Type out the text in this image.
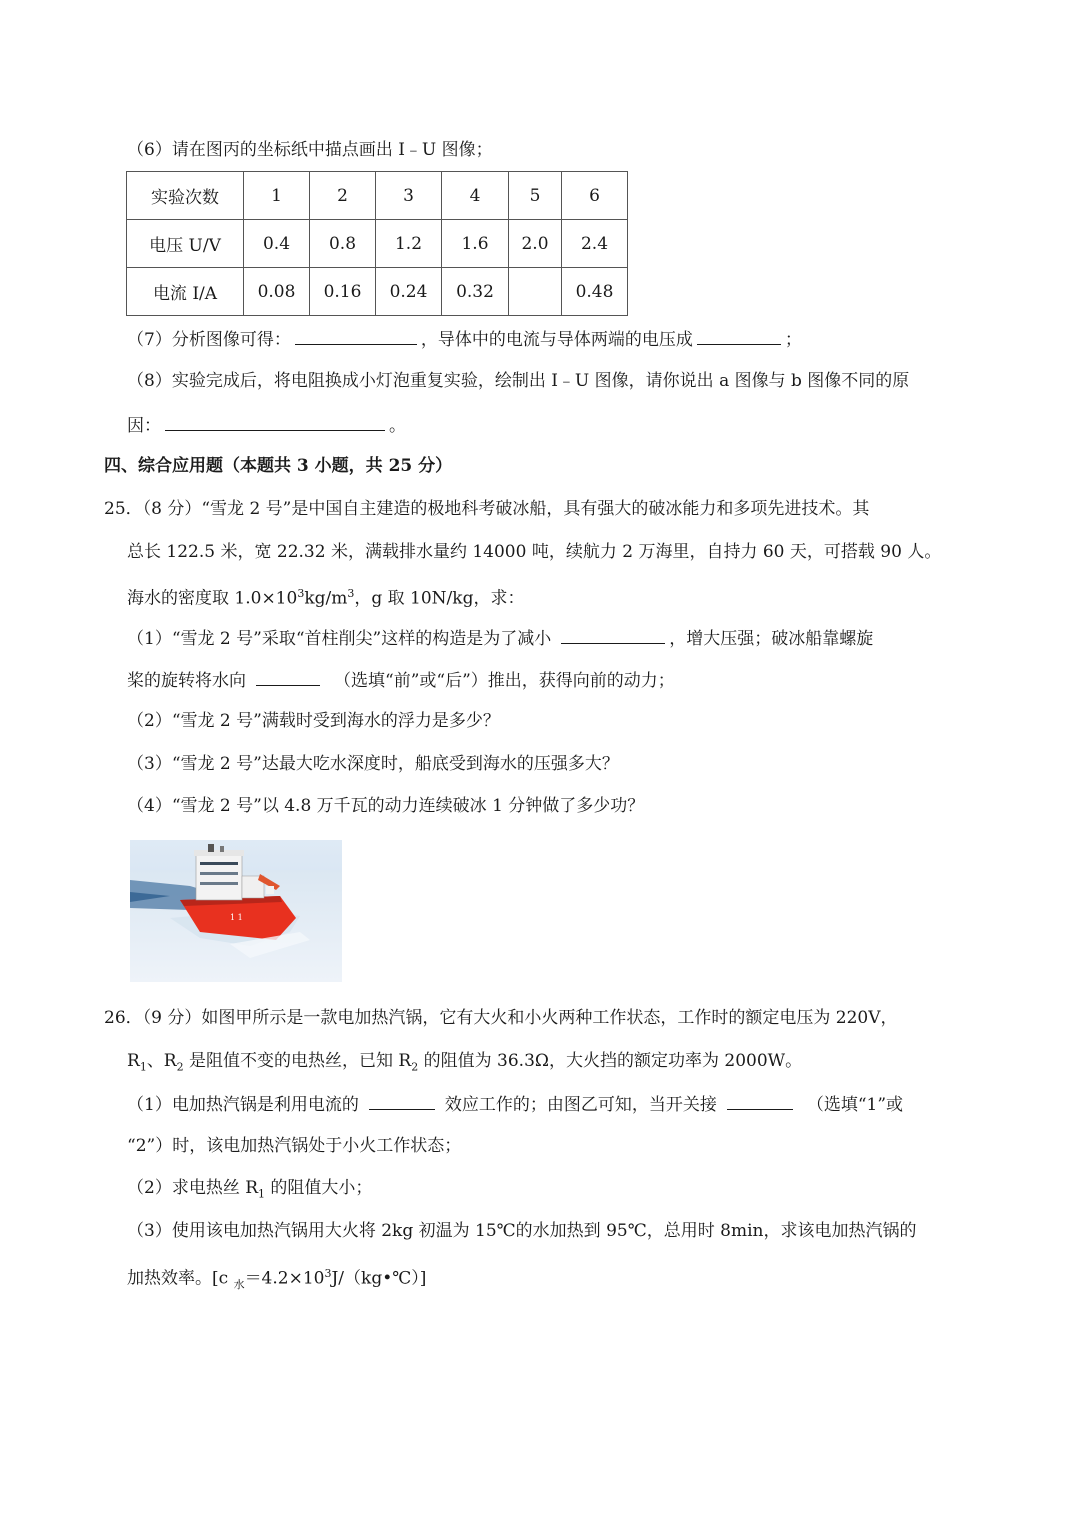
（6）请在图丙的坐标纸中描点画出 I﹣U 图像；
实验次数	1	2	3	4	5	6
电压 U/V	0.4	0.8	1.2	1.6	2.0	2.4
电流 I/A	0.08	0.16	0.24	0.32		0.48
（7）分析图像可得：	，导体中的电流与导体两端的电压成	；
（8）实验完成后，将电阻换成小灯泡重复实验，绘制出 I﹣U 图像，请你说出 a 图像与 b 图像不同的原
因：	。
四、综合应用题（本题共 3 小题，共 25 分）
25．（8 分）“雪龙 2 号”是中国自主建造的极地科考破冰船，具有强大的破冰能力和多项先进技术。其
总长 122.5 米，宽 22.32 米，满载排水量约 14000 吨，续航力 2 万海里，自持力 60 天，可搭载 90 人。
海水的密度取 $1.0\times 10^3kg/m^3$，g 取 10N/kg，求：
（1）“雪龙 2 号”采取“首柱削尖”这样的构造是为了减小	，增大压强；破冰船靠螺旋
桨的旋转将水向	（选填“前”或“后”）推出，获得向前的动力；
（2）“雪龙 2 号”满载时受到海水的浮力是多少？
（3）“雪龙 2 号”达最大吃水深度时，船底受到海水的压强多大？
（4）“雪龙 2 号”以 4.8 万千瓦的动力连续破冰 1 分钟做了多少功？
1 1
26．（9 分）如图甲所示是一款电加热汽锅，它有大火和小火两种工作状态，工作时的额定电压为 220V，
$R_1$、$R_2$ 是阻值不变的电热丝，已知 $R_2$ 的阻值为 36.3Ω，大火挡的额定功率为 2000W。
（1）电加热汽锅是利用电流的	效应工作的；由图乙可知，当开关接	（选填“1”或
“2”）时，该电加热汽锅处于小火工作状态；
（2）求电热丝 $R_1$ 的阻值大小；
（3）使用该电加热汽锅用大火将 2kg 初温为 15℃的水加热到 95℃，总用时 8min，求该电加热汽锅的
加热效率。[c $_水=4.2\times 10^3J/(kg•℃)$]
